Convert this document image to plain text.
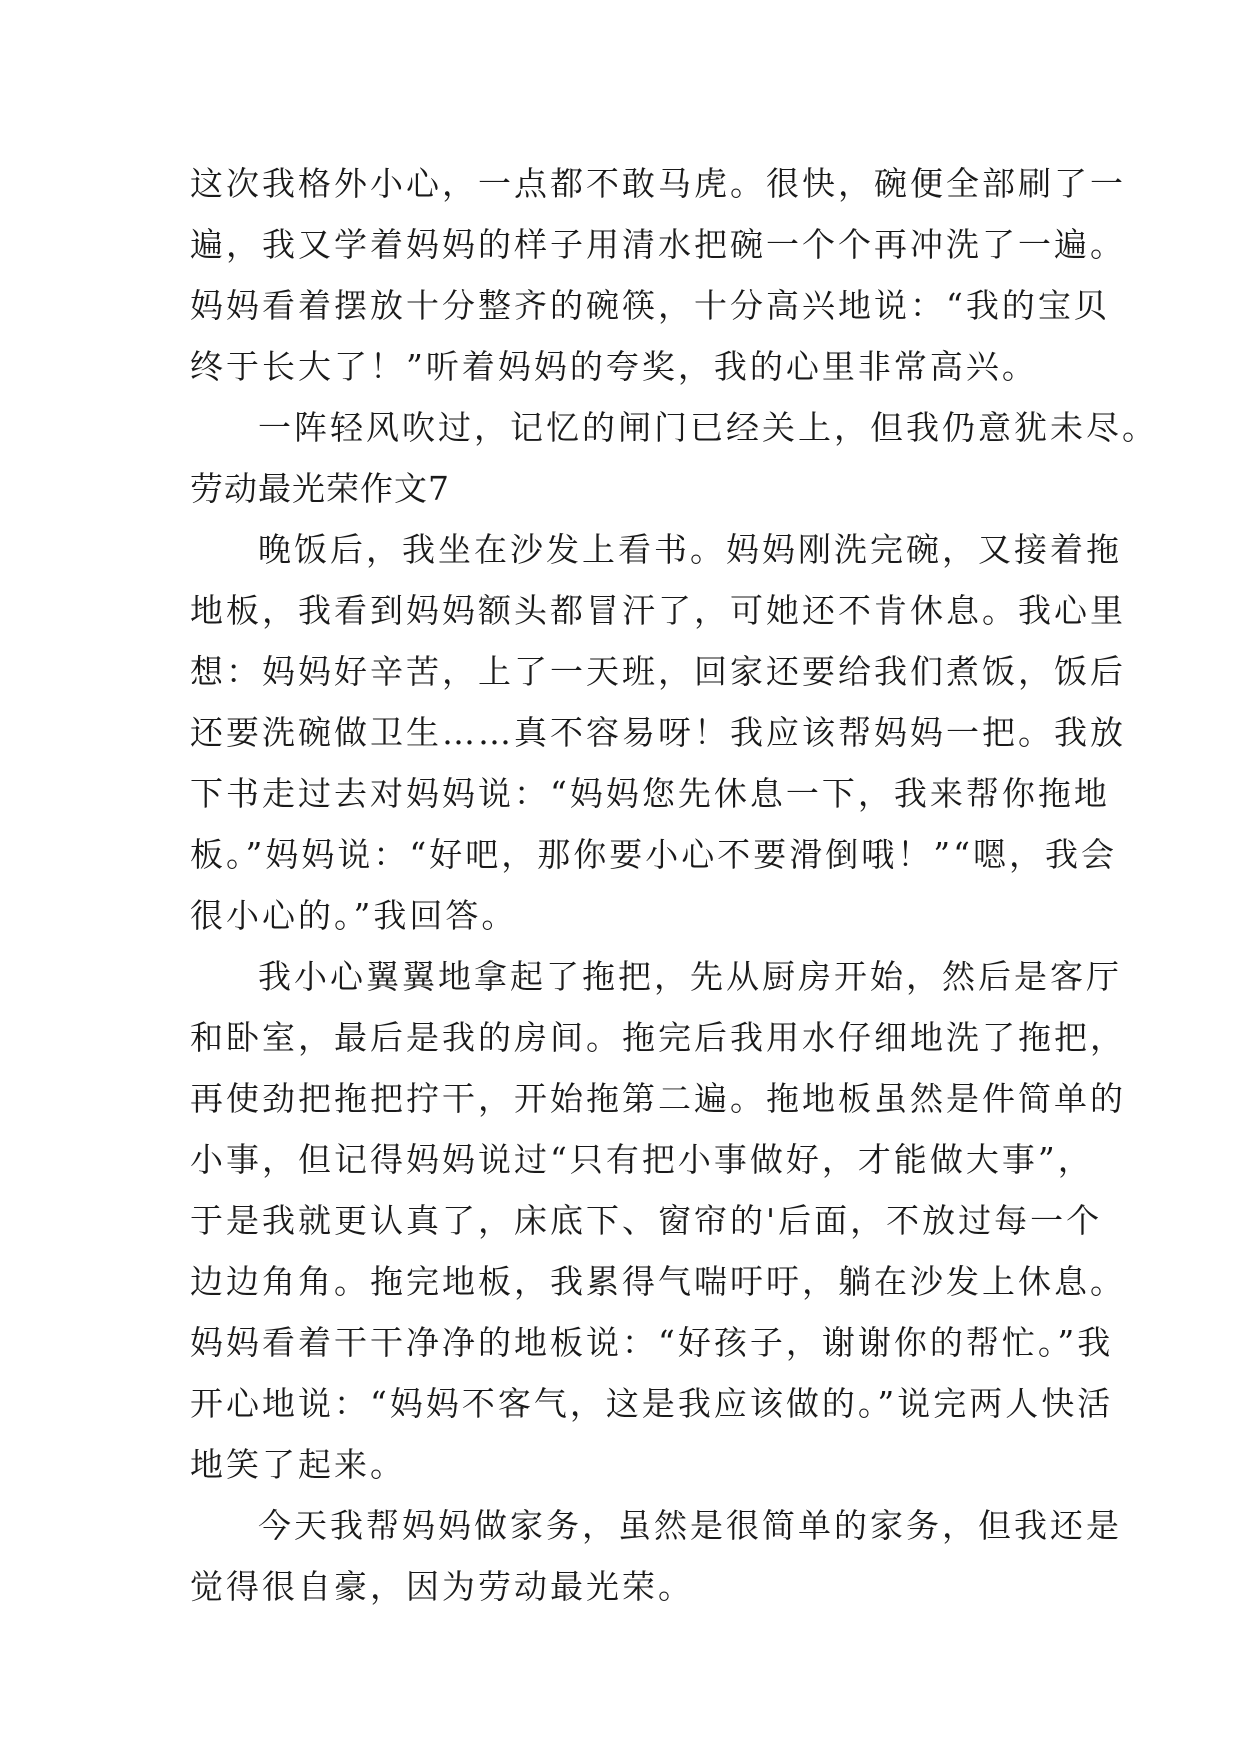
这次我格外小心，一点都不敢马虎。很快，碗便全部刷了一
遍，我又学着妈妈的样子用清水把碗一个个再冲洗了一遍。
妈妈看着摆放十分整齐的碗筷，十分高兴地说：“我的宝贝
终于长大了！”听着妈妈的夸奖，我的心里非常高兴。
一阵轻风吹过，记忆的闸门已经关上，但我仍意犹未尽。
劳动最光荣作文7
晚饭后，我坐在沙发上看书。妈妈刚洗完碗，又接着拖
地板，我看到妈妈额头都冒汗了，可她还不肯休息。我心里
想：妈妈好辛苦，上了一天班，回家还要给我们煮饭，饭后
还要洗碗做卫生……真不容易呀！我应该帮妈妈一把。我放
下书走过去对妈妈说：“妈妈您先休息一下，我来帮你拖地
板。”妈妈说：“好吧，那你要小心不要滑倒哦！”“嗯，我会
很小心的。”我回答。
我小心翼翼地拿起了拖把，先从厨房开始，然后是客厅
和卧室，最后是我的房间。拖完后我用水仔细地洗了拖把，
再使劲把拖把拧干，开始拖第二遍。拖地板虽然是件简单的
小事，但记得妈妈说过“只有把小事做好，才能做大事”，
于是我就更认真了，床底下、窗帘的'后面，不放过每一个
边边角角。拖完地板，我累得气喘吁吁，躺在沙发上休息。
妈妈看着干干净净的地板说：“好孩子，谢谢你的帮忙。”我
开心地说：“妈妈不客气，这是我应该做的。”说完两人快活
地笑了起来。
今天我帮妈妈做家务，虽然是很简单的家务，但我还是
觉得很自豪，因为劳动最光荣。
